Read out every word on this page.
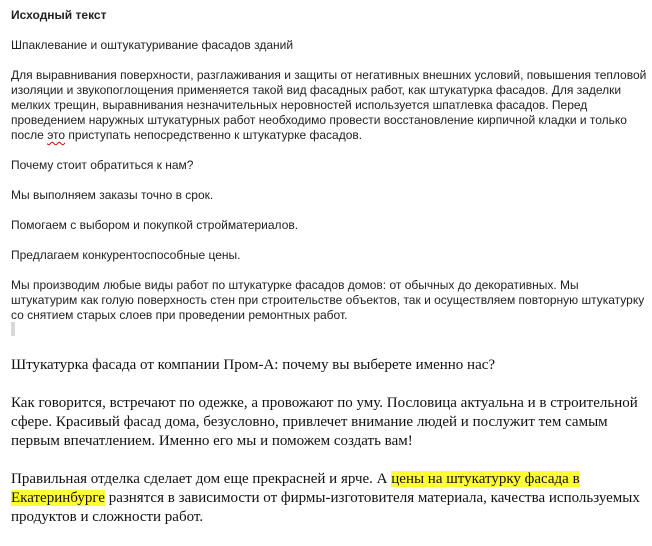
Исходный текст

Шпаклевание и оштукатуривание фасадов зданий

Для выравнивания поверхности, разглаживания и защиты от негативных внешних условий, повышения тепловой изоляции и звукопоглощения применяется такой вид фасадных работ, как штукатурка фасадов. Для заделки мелких трещин, выравнивания незначительных неровностей используется шпатлевка фасадов. Перед проведением наружных штукатурных работ необходимо провести восстановление кирпичной кладки и только после это приступать непосредственно к штукатурке фасадов.

Почему стоит обратиться к нам?

Мы выполняем заказы точно в срок.

Помогаем с выбором и покупкой стройматериалов.

Предлагаем конкурентоспособные цены.

Мы производим любые виды работ по штукатурке фасадов домов: от обычных до декоративных. Мы штукатурим как голую поверхность стен при строительстве объектов, так и осуществляем повторную штукатурку со снятием старых слоев при проведении ремонтных работ.

Штукатурка фасада от компании Пром-А: почему вы выберете именно нас?

Как говорится, встречают по одежке, а провожают по уму. Пословица актуальна и в строительной сфере. Красивый фасад дома, безусловно, привлечет внимание людей и послужит тем самым первым впечатлением. Именно его мы и поможем создать вам!

Правильная отделка сделает дом еще прекрасней и ярче. А цены на штукатурку фасада в Екатеринбурге разнятся в зависимости от фирмы-изготовителя материала, качества используемых продуктов и сложности работ.
